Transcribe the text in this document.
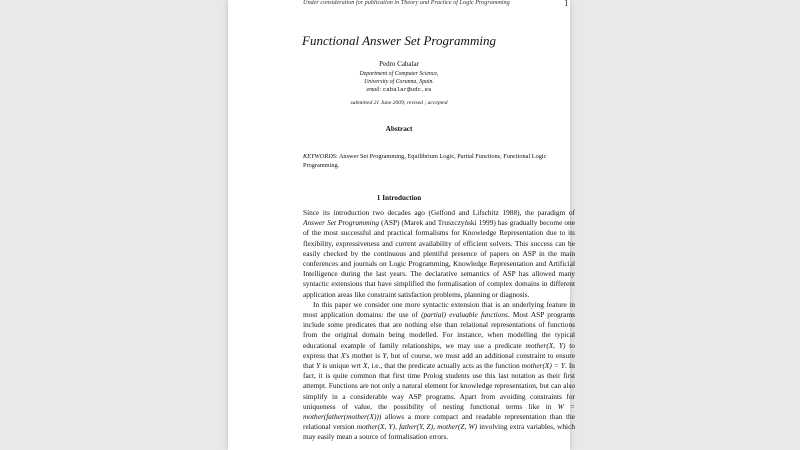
Under consideration for publication in Theory and Practice of Logic Programming	1
Functional Answer Set Programming
Pedro Cabalar
Department of Computer Science,
University of Corunna, Spain.
email: cabalar@udc.es
submitted 21 June 2009; revised ; accepted
Abstract
KEYWORDS: Answer Set Programming, Equilibrium Logic, Partial Functions, Functional Logic Programming.
1 Introduction

Since its introduction two decades ago (Gelfond and Lifschitz 1988), the paradigm of Answer Set Programming (ASP) (Marek and Truszczyński 1999) has gradually become one of the most successful and practical formalisms for Knowledge Representation due to its flexibility, expressiveness and current availability of efficient solvers. This success can be easily checked by the continuous and plentiful presence of papers on ASP in the main conferences and journals on Logic Programming, Knowledge Representation and Artificial Intelligence during the last years. The declarative semantics of ASP has allowed many syntactic extensions that have simplified the formalisation of complex domains in different application areas like constraint satisfaction problems, planning or diagnosis.

In this paper we consider one more syntactic extension that is an underlying feature in most application domains: the use of (partial) evaluable functions. Most ASP programs include some predicates that are nothing else than relational representations of functions from the original domain being modelled. For instance, when modelling the typical educational example of family relationships, we may use a predicate mother(X, Y) to express that X's mother is Y, but of course, we must add an additional constraint to ensure that Y is unique wrt X, i.e., that the predicate actually acts as the function mother(X) = Y. In fact, it is quite common that first time Prolog students use this last notation as their first attempt. Functions are not only a natural element for knowledge representation, but can also simplify in a considerable way ASP programs. Apart from avoiding constraints for uniqueness of value, the possibility of nesting functional terms like in W = mother(father(mother(X))) allows a more compact and readable representation than the relational version mother(X, Y), father(Y, Z), mother(Z, W) involving extra variables, which may easily mean a source of formalisation errors.
